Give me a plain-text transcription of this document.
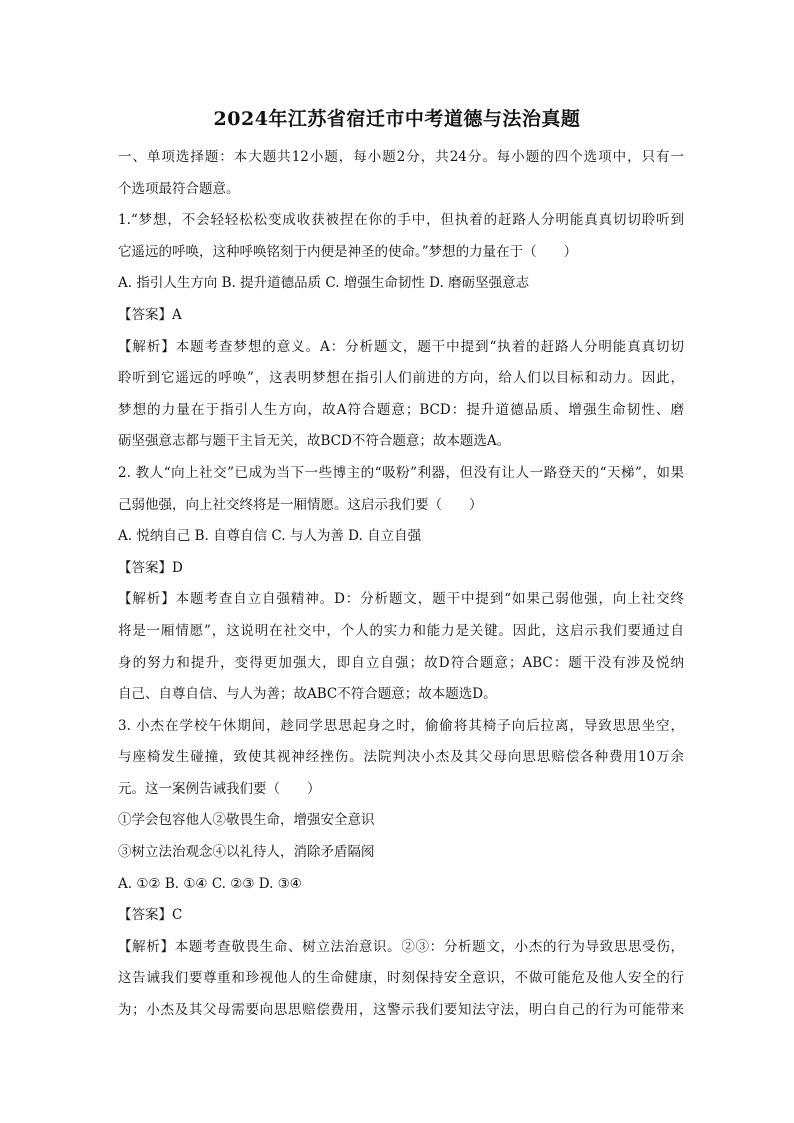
2024年江苏省宿迁市中考道德与法治真题
一、单项选择题：本大题共12小题，每小题2分，共24分。每小题的四个选项中，只有一
个选项最符合题意。
1.“梦想，不会轻轻松松变成收获被捏在你的手中，但执着的赶路人分明能真真切切聆听到
它遥远的呼唤，这种呼唤铭刻于内便是神圣的使命。”梦想的力量在于（　　）
A. 指引人生方向 B. 提升道德品质 C. 增强生命韧性 D. 磨砺坚强意志
【答案】A
【解析】本题考查梦想的意义。A：分析题文，题干中提到“执着的赶路人分明能真真切切
聆听到它遥远的呼唤”，这表明梦想在指引人们前进的方向，给人们以目标和动力。因此，
梦想的力量在于指引人生方向，故A符合题意；BCD：提升道德品质、增强生命韧性、磨
砺坚强意志都与题干主旨无关，故BCD不符合题意；故本题选A。
2. 教人“向上社交”已成为当下一些博主的“吸粉”利器，但没有让人一路登天的“天梯”，如果
己弱他强，向上社交终将是一厢情愿。这启示我们要（　　）
A. 悦纳自己 B. 自尊自信 C. 与人为善 D. 自立自强
【答案】D
【解析】本题考查自立自强精神。D：分析题文，题干中提到“如果己弱他强，向上社交终
将是一厢情愿”，这说明在社交中，个人的实力和能力是关键。因此，这启示我们要通过自
身的努力和提升，变得更加强大，即自立自强；故D符合题意；ABC：题干没有涉及悦纳
自己、自尊自信、与人为善；故ABC不符合题意；故本题选D。
3. 小杰在学校午休期间，趁同学思思起身之时，偷偷将其椅子向后拉离，导致思思坐空，
与座椅发生碰撞，致使其视神经挫伤。法院判决小杰及其父母向思思赔偿各种费用10万余
元。这一案例告诫我们要（　　）
①学会包容他人②敬畏生命，增强安全意识
③树立法治观念④以礼待人，消除矛盾隔阂
A. ①② B. ①④ C. ②③ D. ③④
【答案】C
【解析】本题考查敬畏生命、树立法治意识。②③：分析题文，小杰的行为导致思思受伤，
这告诫我们要尊重和珍视他人的生命健康，时刻保持安全意识，不做可能危及他人安全的行
为；小杰及其父母需要向思思赔偿费用，这警示我们要知法守法，明白自己的行为可能带来
